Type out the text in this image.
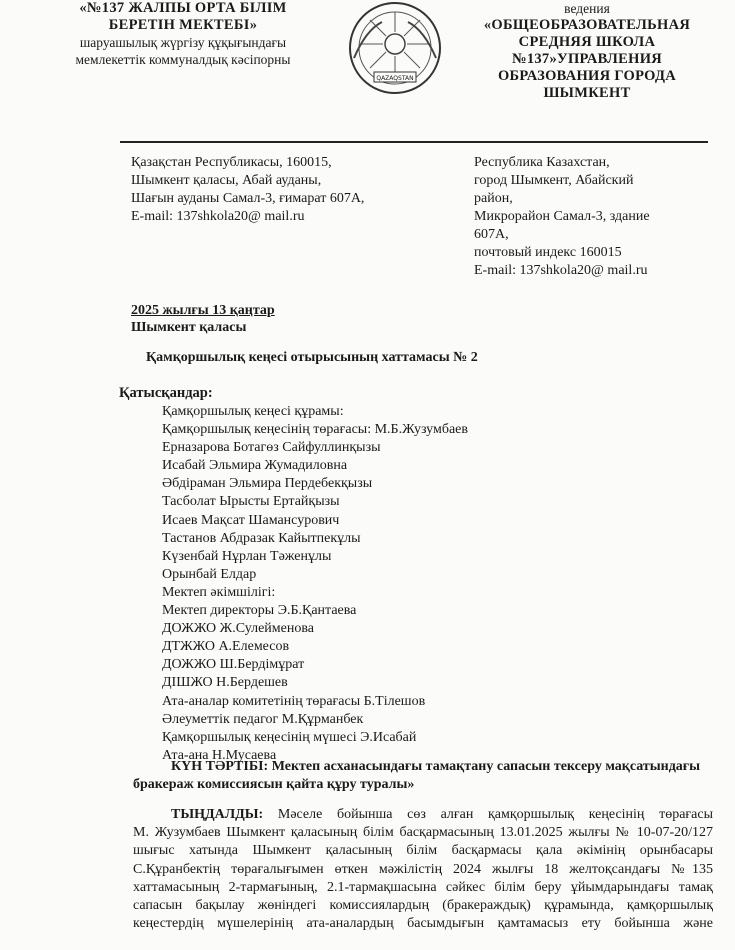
«№137 ЖАЛПЫ ОРТА БІЛІМ
БЕРЕТІН МЕКТЕБІ»
шаруашылық жүргізу құқығындағы
мемлекеттік коммуналдық кәсіпорны
QAZAQSTAN
ведения
«ОБЩЕОБРАЗОВАТЕЛЬНАЯ
СРЕДНЯЯ ШКОЛА
№137»УПРАВЛЕНИЯ
ОБРАЗОВАНИЯ ГОРОДА
ШЫМКЕНТ
Қазақстан Республикасы, 160015,
Шымкент қаласы, Абай ауданы,
Шағын ауданы Самал-3, ғимарат 607А,
E-mail: 137shkola20@ mail.ru
Республика Казахстан,
город Шымкент, Абайский
район,
Микрорайон Самал-3, здание
607А,
почтовый индекс 160015
E-mail: 137shkola20@ mail.ru
2025 жылғы 13 қаңтар
Шымкент қаласы
Қамқоршылық кеңесі отырысының хаттамасы № 2
Қатысқандар:
Қамқоршылық кеңесі құрамы:
Қамқоршылық кеңесінің төрағасы: М.Б.Жузумбаев
Ерназарова Ботагөз Сайфуллинқызы
Исабай Эльмира Жумадиловна
Әбдіраман Эльмира Пердебекқызы
Тасболат Ырысты Ертайқызы
Исаев Мақсат Шамансурович
Тастанов Абдразак Кайытпекұлы
Күзенбай Нұрлан Тәженұлы
Орынбай Елдар
Мектеп әкімшілігі:
Мектеп директоры Э.Б.Қантаева
ДОЖЖО Ж.Сулейменова
ДТЖЖО А.Елемесов
ДОЖЖО Ш.Бердімұрат
ДІШЖО Н.Бердешев
Ата-аналар комитетінің төрағасы Б.Тілешов
Әлеуметтік педагог М.Құрманбек
Қамқоршылық кеңесінің мүшесі Э.Исабай
Ата-ана Н.Мусаева
КҮН ТӘРТІБІ: Мектеп асханасындағы тамақтану сапасын тексеру мақсатындағы
бракераж комиссиясын қайта құру туралы»
ТЫҢДАЛДЫ: Мәселе бойынша сөз алған қамқоршылық кеңесінің төрағасы
М. Жузумбаев Шымкент қаласының білім басқармасының 13.01.2025 жылғы № 10-07-20/127
шығыс хатында Шымкент қаласының білім басқармасы қала әкімінің орынбасары
С.Құранбектің төрағалығымен өткен мәжілістің 2024 жылғы 18 желтоқсандағы №135
хаттамасының 2-тармағының, 2.1-тармақшасына сәйкес білім беру ұйымдарындағы тамақ
сапасын бақылау жөніндегі комиссиялардың (бракераждық) құрамында, қамқоршылық
кеңестердің мүшелерінің ата-аналардың басымдығын қамтамасыз ету бойынша және
